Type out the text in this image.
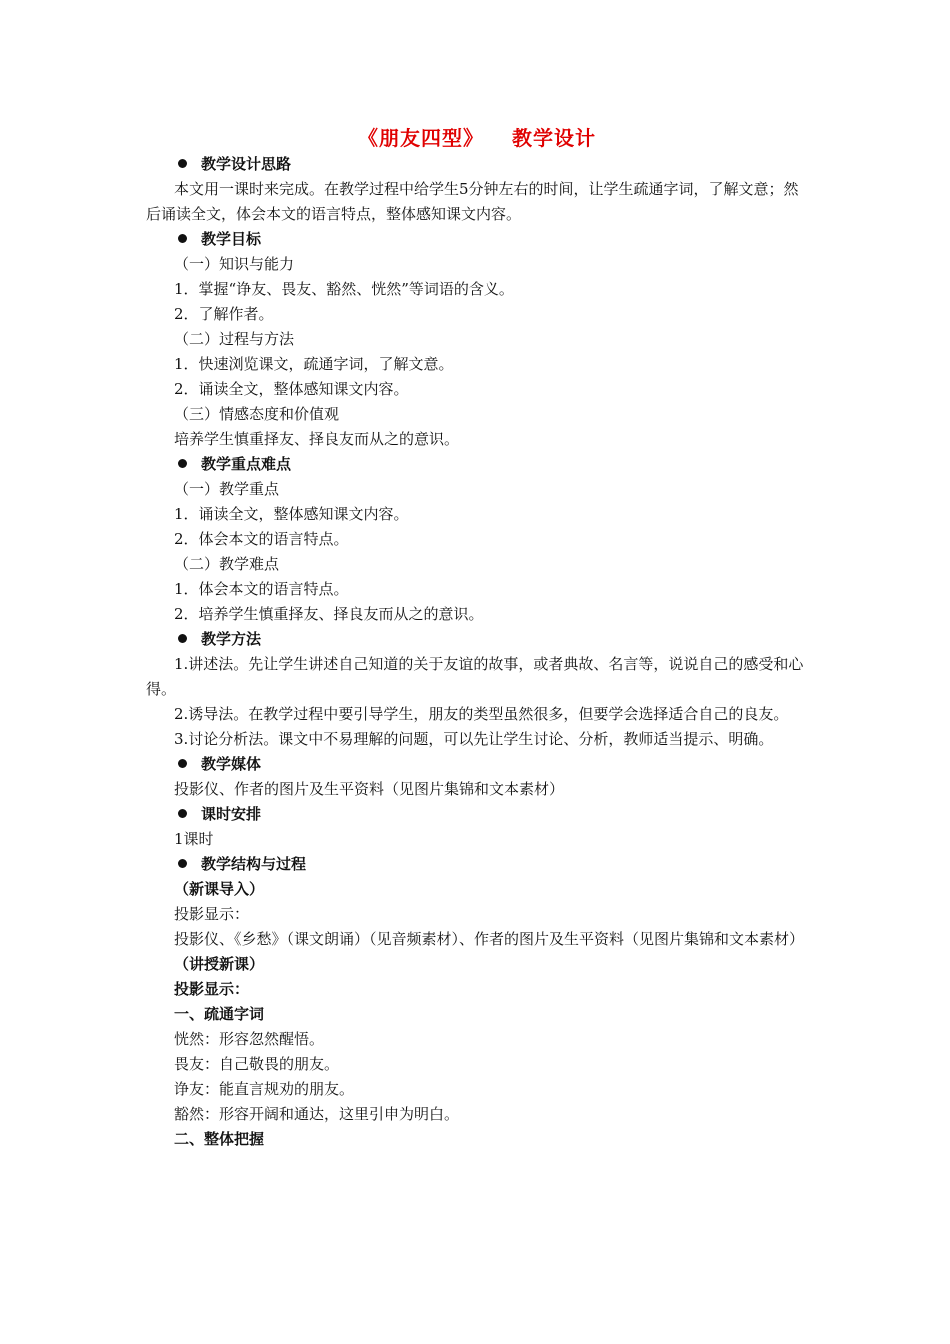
《朋友四型》 教学设计
教学设计思路
本文用一课时来完成。在教学过程中给学生5分钟左右的时间，让学生疏通字词，了解文意；然后诵读全文，体会本文的语言特点，整体感知课文内容。
教学目标
（一）知识与能力
1．掌握“诤友、畏友、豁然、恍然”等词语的含义。
2．了解作者。
（二）过程与方法
1．快速浏览课文，疏通字词，了解文意。
2．诵读全文，整体感知课文内容。
（三）情感态度和价值观
培养学生慎重择友、择良友而从之的意识。
教学重点难点
（一）教学重点
1．诵读全文，整体感知课文内容。
2．体会本文的语言特点。
（二）教学难点
1．体会本文的语言特点。
2．培养学生慎重择友、择良友而从之的意识。
教学方法
1.讲述法。先让学生讲述自己知道的关于友谊的故事，或者典故、名言等，说说自己的感受和心得。
2.诱导法。在教学过程中要引导学生，朋友的类型虽然很多，但要学会选择适合自己的良友。
3.讨论分析法。课文中不易理解的问题，可以先让学生讨论、分析，教师适当提示、明确。
教学媒体
投影仪、作者的图片及生平资料（见图片集锦和文本素材）
课时安排
1课时
教学结构与过程
（新课导入）
投影显示：
投影仪、《乡愁》（课文朗诵）（见音频素材）、作者的图片及生平资料（见图片集锦和文本素材）
（讲授新课）
投影显示：
一、疏通字词
恍然：形容忽然醒悟。
畏友：自己敬畏的朋友。
诤友：能直言规劝的朋友。
豁然：形容开阔和通达，这里引申为明白。
二、整体把握
